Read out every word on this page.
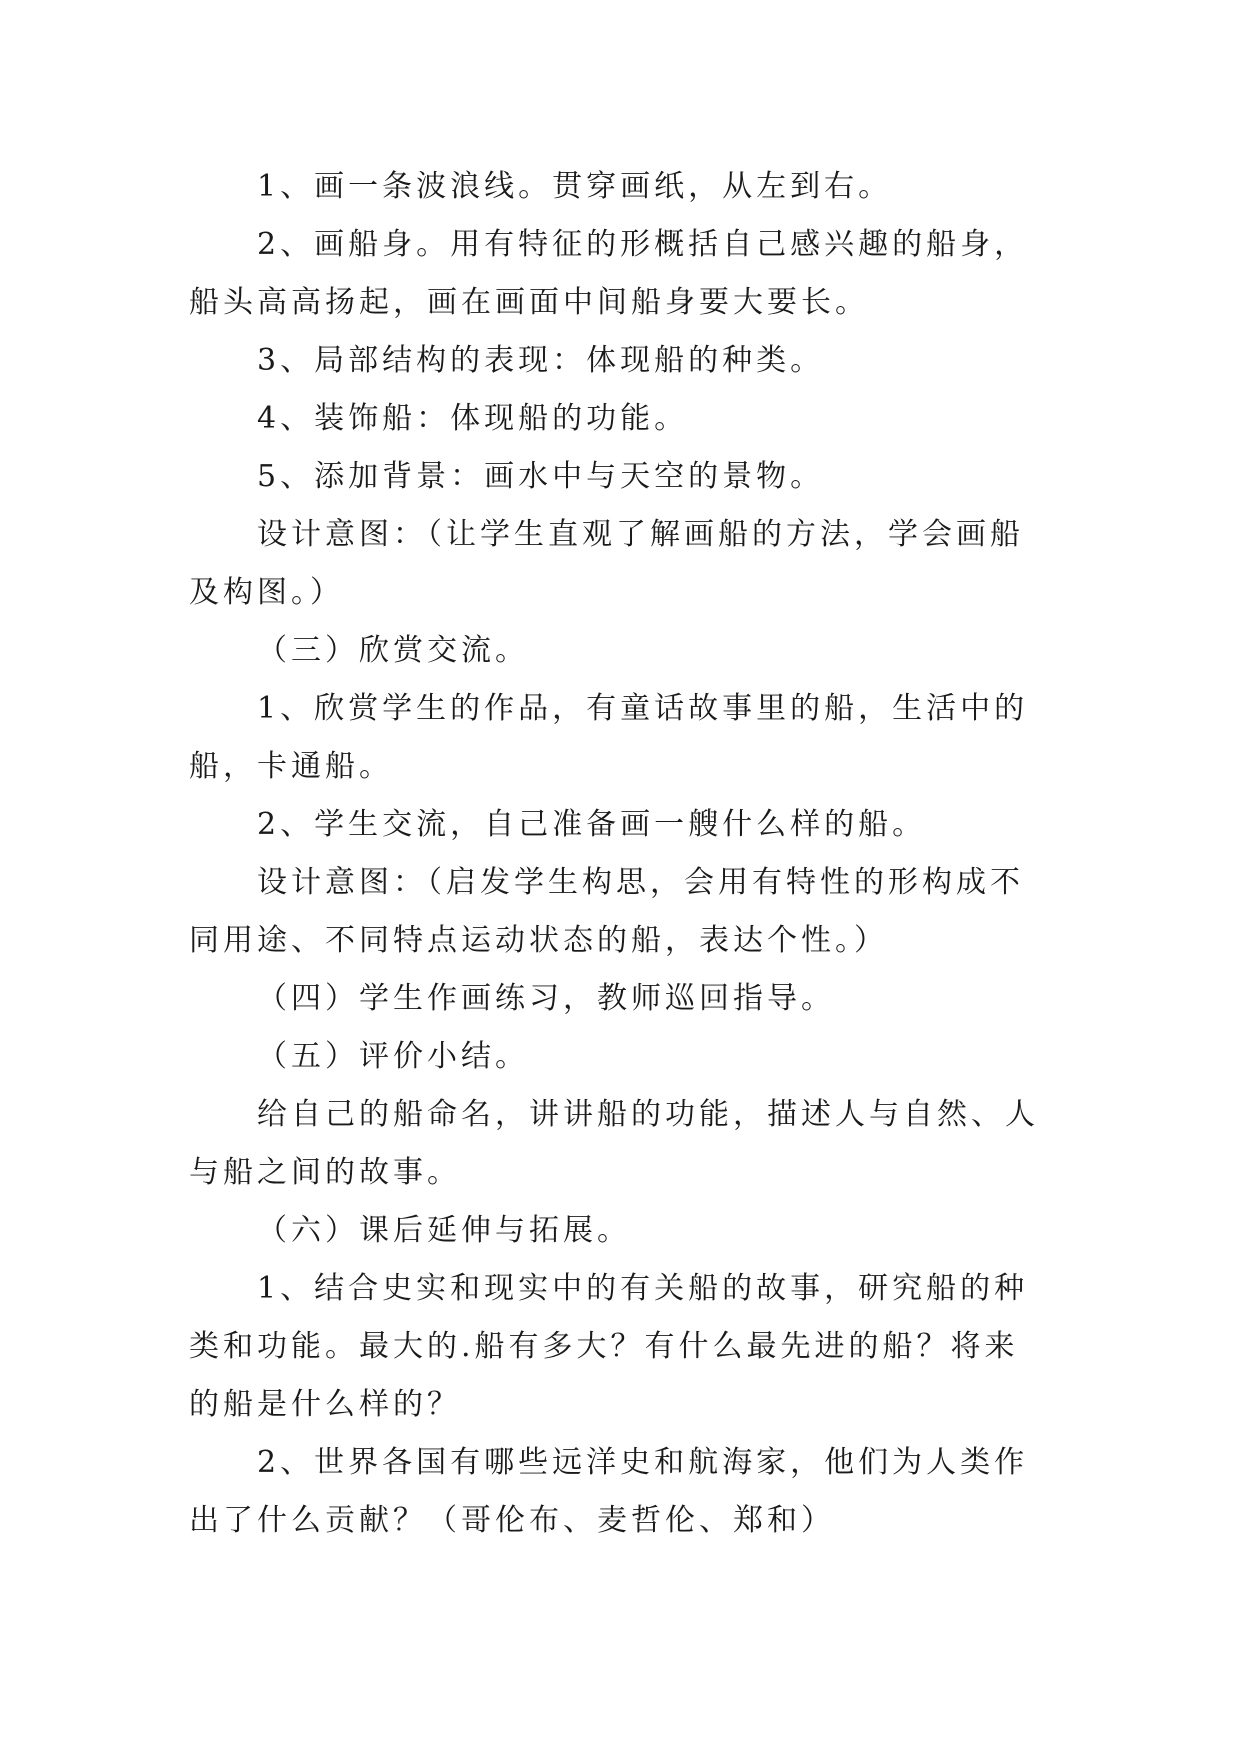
1、画一条波浪线。贯穿画纸，从左到右。

2、画船身。用有特征的形概括自己感兴趣的船身，船头高高扬起，画在画面中间船身要大要长。

3、局部结构的表现：体现船的种类。

4、装饰船：体现船的功能。

5、添加背景：画水中与天空的景物。

设计意图：（让学生直观了解画船的方法，学会画船及构图。）

（三）欣赏交流。

1、欣赏学生的作品，有童话故事里的船，生活中的船，卡通船。

2、学生交流，自己准备画一艘什么样的船。

设计意图：（启发学生构思，会用有特性的形构成不同用途、不同特点运动状态的船，表达个性。）

（四）学生作画练习，教师巡回指导。

（五）评价小结。

给自己的船命名，讲讲船的功能，描述人与自然、人与船之间的故事。

（六）课后延伸与拓展。

1、结合史实和现实中的有关船的故事，研究船的种类和功能。最大的.船有多大？有什么最先进的船？将来的船是什么样的？

2、世界各国有哪些远洋史和航海家，他们为人类作出了什么贡献？（哥伦布、麦哲伦、郑和）
